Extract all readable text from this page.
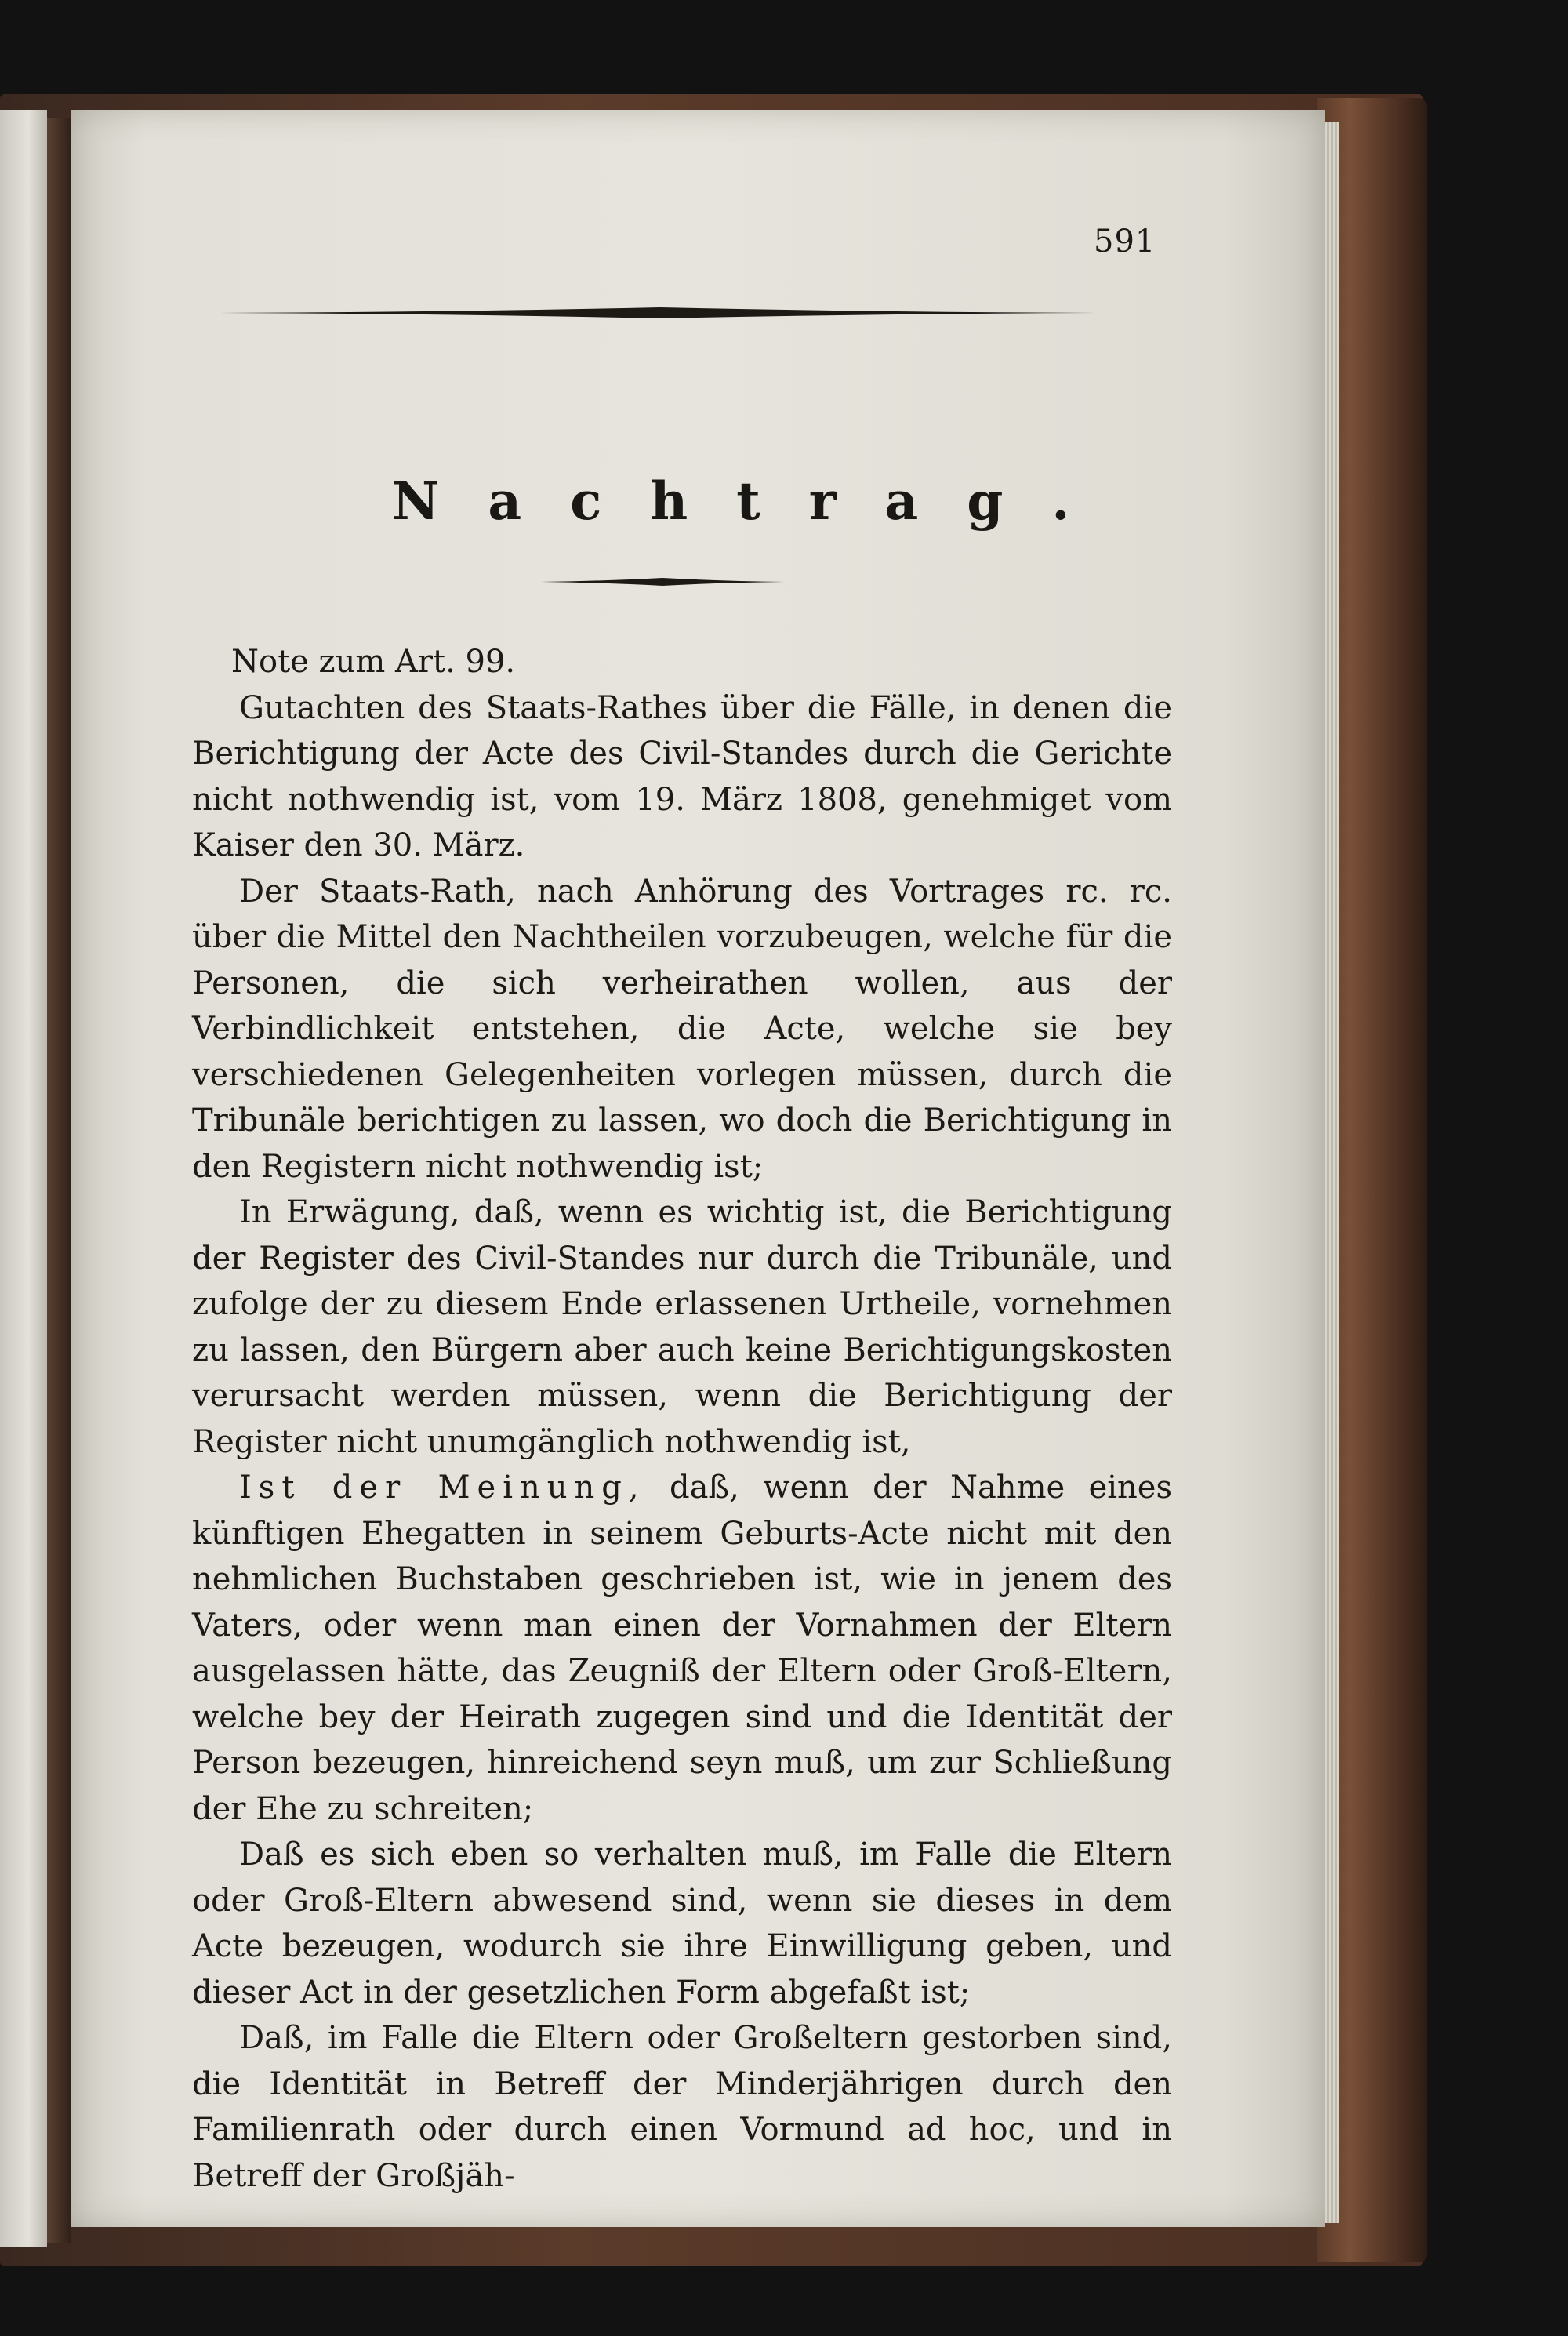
591
Nachtrag.

Note zum Art. 99.

Gutachten des Staats-Rathes über die Fälle, in denen die Berichtigung der Acte des Civil-Standes durch die Gerichte nicht nothwendig ist, vom 19. März 1808, genehmiget vom Kaiser den 30. März.

Der Staats-Rath, nach Anhörung des Vortrages rc. rc. über die Mittel den Nachtheilen vorzubeugen, welche für die Personen, die sich verheirathen wollen, aus der Verbindlichkeit entstehen, die Acte, welche sie bey verschiedenen Gelegenheiten vorlegen müssen, durch die Tribunäle berichtigen zu lassen, wo doch die Berichtigung in den Registern nicht nothwendig ist;

In Erwägung, daß, wenn es wichtig ist, die Berichtigung der Register des Civil-Standes nur durch die Tribunäle, und zufolge der zu diesem Ende erlassenen Urtheile, vornehmen zu lassen, den Bürgern aber auch keine Berichtigungskosten verursacht werden müssen, wenn die Berichtigung der Register nicht unumgänglich nothwendig ist,

Ist der Meinung, daß, wenn der Nahme eines künftigen Ehegatten in seinem Geburts-Acte nicht mit den nehmlichen Buchstaben geschrieben ist, wie in jenem des Vaters, oder wenn man einen der Vornahmen der Eltern ausgelassen hätte, das Zeugniß der Eltern oder Groß-Eltern, welche bey der Heirath zugegen sind und die Identität der Person bezeugen, hinreichend seyn muß, um zur Schließung der Ehe zu schreiten;

Daß es sich eben so verhalten muß, im Falle die Eltern oder Groß-Eltern abwesend sind, wenn sie dieses in dem Acte bezeugen, wodurch sie ihre Einwilligung geben, und dieser Act in der gesetzlichen Form abgefaßt ist;

Daß, im Falle die Eltern oder Großeltern gestorben sind, die Identität in Betreff der Minderjährigen durch den Familienrath oder durch einen Vormund ad hoc, und in Betreff der Großjäh-
